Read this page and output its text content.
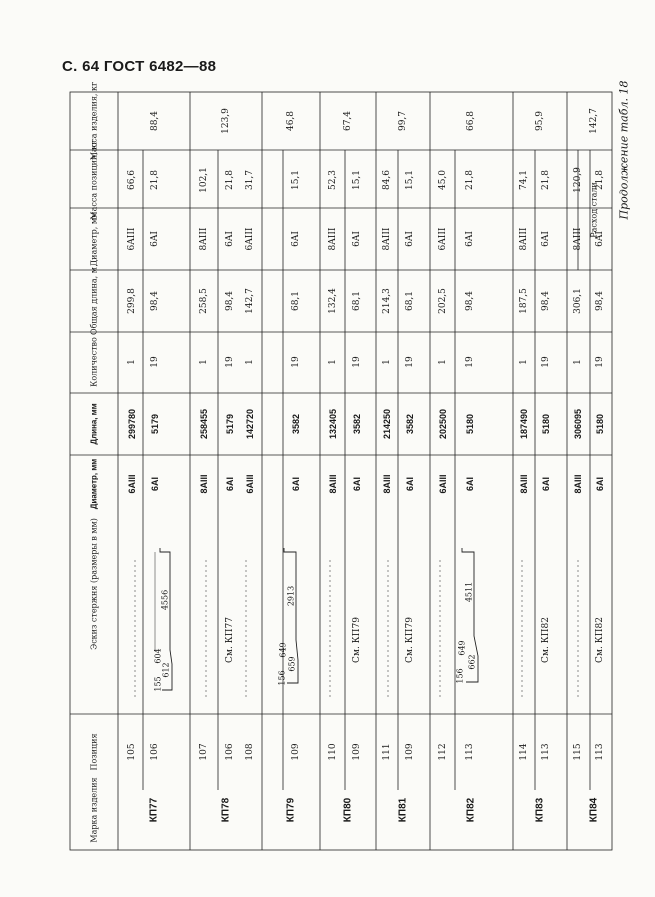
С. 64 ГОСТ 6482—88
Продолжение табл. 18
Марка изделия
Позиция
Эскиз стержня (размеры в мм)
Диаметр, мм
Длина, мм
Количество
Общая длина, м
Расход стали
Диаметр, мм
Масса позиции, кг
Масса изделия, кг
105
6AIII
299780
1
299,8
6AIII
66,6
106
6AI
5179
19
98,4
6AI
21,8
КП77
88,4
107
8AIII
258455
1
258,5
8AIII
102,1
106
См. КП77
6AI
5179
19
98,4
6AI
21,8
КП78
123,9
108
6AIII
142720
1
142,7
6AIII
31,7
109
6AI
3582
19
68,1
6AI
15,1
КП79
46,8
110
8AIII
132405
1
132,4
8AIII
52,3
109
См. КП79
6AI
3582
19
68,1
6AI
15,1
КП80
67,4
111
8AIII
214250
1
214,3
8AIII
84,6
109
См. КП79
6AI
3582
19
68,1
6AI
15,1
КП81
99,7
112
6AIII
202500
1
202,5
6AIII
45,0
113
6AI
5180
19
98,4
6AI
21,8
КП82
66,8
114
8AIII
187490
1
187,5
8AIII
74,1
113
См. КП82
6AI
5180
19
98,4
6AI
21,8
КП83
95,9
115
8AIII
306095
1
306,1
8AIII
120,9
113
См. КП82
6AI
5180
19
98,4
6AI
21,8
КП84
142,7
4556
604
612
155
2913
649
659
156
4511
649
662
156
